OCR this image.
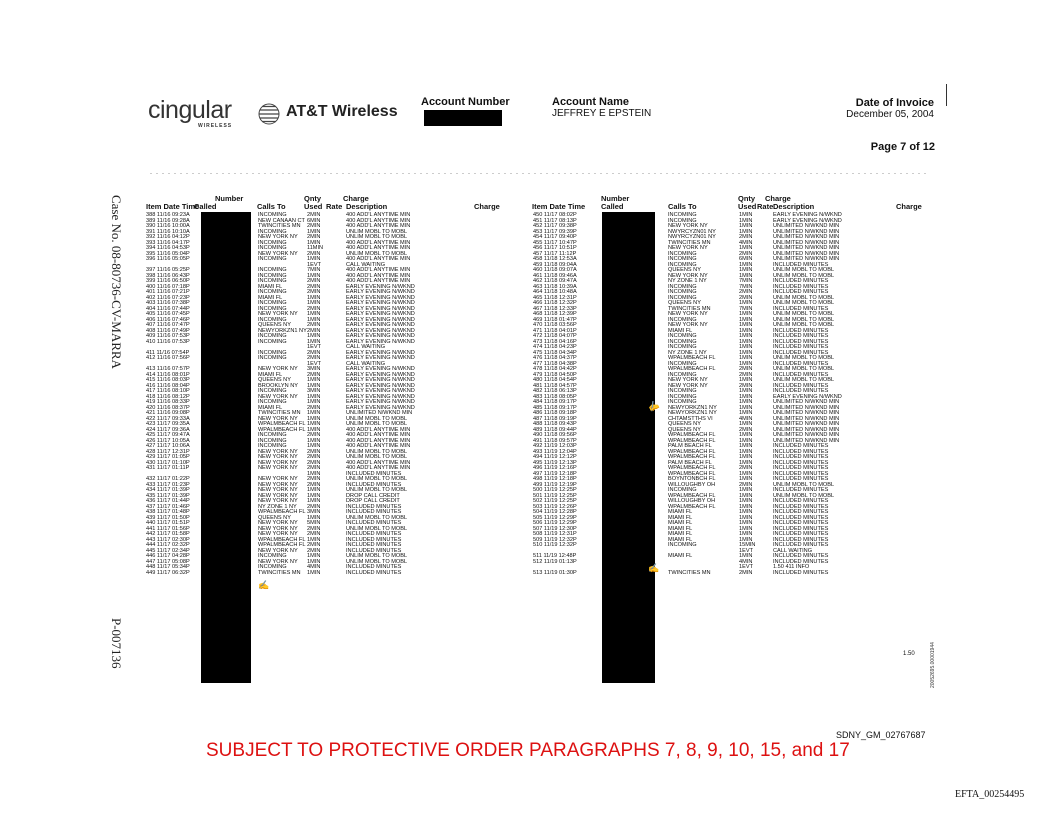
cingular
WIRELESS
AT&T Wireless
Account Number	Account Name
JEFFREY E EPSTEIN
Date of Invoice
December 05, 2004
Page 7 of 12
Number	Qnty	Charge
Item Date Time
Called	Calls To Used Rate Description	Charge
Number	Qnty Charge
Item Date Time Called	Calls To	Used Rate Description	Charge
388 11/16 09:23A	INCOMING	2MIN	400 ADD'L ANYTIME MIN
389 11/16 09:28A	NEW CANAAN CT 6MIN	400 ADD'L ANYTIME MIN
390 11/16 10:00A	TWINCITIES MN 2MIN	400 ADD'L ANYTIME MIN
391 11/16 10:10A	INCOMING	1MIN	UNLIM MOBL TO MOBL
392 11/16 04:12P	NEW YORK NY 2MIN	UNLIM MOBL TO MOBL
393 11/16 04:17P	INCOMING	1MIN	400 ADD'L ANYTIME MIN
394 11/16 04:53P	INCOMING	11MIN	400 ADD'L ANYTIME MIN
395 11/16 05:04P	NEW YORK NY 2MIN	UNLIM MOBL TO MOBL
396 11/16 05:05P	INCOMING	1MIN	400 ADD'L ANYTIME MIN
1EVT	CALL WAITING
397 11/16 05:25P	INCOMING	7MIN	400 ADD'L ANYTIME MIN
398 11/16 06:43P	INCOMING	1MIN	400 ADD'L ANYTIME MIN
399 11/16 06:50P	INCOMING	2MIN	400 ADD'L ANYTIME MIN
400 11/16 07:18P	MIAMI FL	2MIN	EARLY EVENING N/WKND
401 11/16 07:21P	INCOMING	2MIN	EARLY EVENING N/WKND
402 11/16 07:23P	MIAMI FL	1MIN	EARLY EVENING N/WKND
403 11/16 07:38P	INCOMING	1MIN	EARLY EVENING N/WKND
404 11/16 07:44P	INCOMING	2MIN	EARLY EVENING N/WKND
405 11/16 07:45P	NEW YORK NY 1MIN	EARLY EVENING N/WKND
406 11/16 07:46P	INCOMING	1MIN	EARLY EVENING N/WKND
407 11/16 07:47P	QUEENS NY	2MIN	EARLY EVENING N/WKND
408 11/16 07:49P	NEWYORKZN1 NY 2MIN	EARLY EVENING N/WKND
409 11/16 07:53P	INCOMING	1MIN	EARLY EVENING N/WKND
410 11/16 07:53P	INCOMING	1MIN	EARLY EVENING N/WKND
1EVT	CALL WAITING
411 11/16 07:54P	INCOMING	2MIN	EARLY EVENING N/WKND
412 11/16 07:56P	INCOMING	2MIN	EARLY EVENING N/WKND
1EVT	CALL WAITING
413 11/16 07:57P	NEW YORK NY 3MIN	EARLY EVENING N/WKND
414 11/16 08:01P	MIAMI FL	2MIN	EARLY EVENING N/WKND
415 11/16 08:03P	QUEENS NY	1MIN	EARLY EVENING N/WKND
416 11/16 08:04P	BROOKLYN NY 1MIN	EARLY EVENING N/WKND
417 11/16 08:10P	INCOMING	3MIN	EARLY EVENING N/WKND
418 11/16 08:12P	NEW YORK NY 1MIN	EARLY EVENING N/WKND
419 11/16 08:33P	INCOMING	1MIN	EARLY EVENING N/WKND
420 11/16 08:37P	MIAMI FL	2MIN	EARLY EVENING N/WKND
421 11/16 09:08P	TWINCITIES MN 1MIN	UNLIMITED N/WKND MIN
422 11/17 09:33A	NEW YORK NY 1MIN	UNLIM MOBL TO MOBL
423 11/17 09:35A	WPALMBEACH FL 1MIN	UNLIM MOBL TO MOBL
424 11/17 09:36A	WPALMBEACH FL 1MIN	400 ADD'L ANYTIME MIN
425 11/17 09:47A	INCOMING	2MIN	400 ADD'L ANYTIME MIN
426 11/17 10:05A	INCOMING	1MIN	400 ADD'L ANYTIME MIN
427 11/17 10:06A	INCOMING	1MIN	400 ADD'L ANYTIME MIN
428 11/17 12:31P	NEW YORK NY 2MIN	UNLIM MOBL TO MOBL
429 11/17 01:05P	NEW YORK NY 2MIN	UNLIM MOBL TO MOBL
430 11/17 01:10P	NEW YORK NY 2MIN	400 ADD'L ANYTIME MIN
431 11/17 01:11P	NEW YORK NY 2MIN	400 ADD'L ANYTIME MIN
1MIN	INCLUDED MINUTES
432 11/17 01:22P	NEW YORK NY 2MIN	UNLIM MOBL TO MOBL
433 11/17 01:23P	NEW YORK NY 2MIN	INCLUDED MINUTES
434 11/17 01:39P	NEW YORK NY 1MIN	UNLIM MOBL TO MOBL
435 11/17 01:39P	NEW YORK NY 1MIN	DROP CALL CREDIT
436 11/17 01:44P	NEW YORK NY 1MIN	DROP CALL CREDIT
437 11/17 01:46P	NY ZONE 1 NY 2MIN	INCLUDED MINUTES
438 11/17 01:48P	WPALMBEACH FL 3MIN	INCLUDED MINUTES
439 11/17 01:50P	QUEENS NY	1MIN	UNLIM MOBL TO MOBL
440 11/17 01:51P	NEW YORK NY 5MIN	INCLUDED MINUTES
441 11/17 01:56P	NEW YORK NY 2MIN	UNLIM MOBL TO MOBL
442 11/17 01:58P	NEW YORK NY 2MIN	INCLUDED MINUTES
443 11/17 02:30P	WPALMBEACH FL 1MIN	INCLUDED MINUTES
444 11/17 02:32P	WPALMBEACH FL 2MIN	INCLUDED MINUTES
445 11/17 02:34P	NEW YORK NY 2MIN	INCLUDED MINUTES
446 11/17 04:28P	INCOMING	1MIN	UNLIM MOBL TO MOBL
447 11/17 05:08P	NEW YORK NY 1MIN	UNLIM MOBL TO MOBL
448 11/17 05:34P	INCOMING	4MIN	INCLUDED MINUTES
449 11/17 06:32P	TWINCITIES MN 1MIN	INCLUDED MINUTES
450 11/17 08:02P	INCOMING	1MIN	EARLY EVENING N/WKND
451 11/17 08:13P	INCOMING	1MIN	EARLY EVENING N/WKND
452 11/17 09:38P	NEW YORK NY	1MIN	UNLIMITED N/WKND MIN
453 11/17 09:39P	NWYRCYZN01 NY	1MIN	UNLIMITED N/WKND MIN
454 11/17 09:40P	NWYRCYZN01 NY	2MIN	UNLIMITED N/WKND MIN
455 11/17 10:47P	TWINCITIES MN	4MIN	UNLIMITED N/WKND MIN
456 11/17 10:51P	NEW YORK NY	1MIN	UNLIMITED N/WKND MIN
457 11/17 11:12P	INCOMING	2MIN	UNLIMITED N/WKND MIN
458 11/18 12:53A	INCOMING	6MIN	UNLIMITED N/WKND MIN
459 11/18 09:04A	INCOMING	1MIN	INCLUDED MINUTES
460 11/18 09:07A	QUEENS NY	1MIN	UNLIM MOBL TO MOBL
461 11/18 09:46A	NEW YORK NY	1MIN	UNLIM MOBL TO MOBL
462 11/18 09:47A	NY ZONE 1 NY	7MIN	INCLUDED MINUTES
463 11/18 10:39A	INCOMING	7MIN	INCLUDED MINUTES
464 11/18 10:48A	INCOMING	2MIN	INCLUDED MINUTES
465 11/18 12:31P	INCOMING	2MIN	UNLIM MOBL TO MOBL
466 11/18 12:32P	QUEENS NY	1MIN	UNLIM MOBL TO MOBL
467 11/18 12:33P	TWINCITIES MN	7MIN	INCLUDED MINUTES
468 11/18 12:39P	NEW YORK NY	1MIN	UNLIM MOBL TO MOBL
469 11/18 01:47P	INCOMING	1MIN	UNLIM MOBL TO MOBL
470 11/18 03:56P	NEW YORK NY	1MIN	UNLIM MOBL TO MOBL
471 11/18 04:01P	MIAMI FL	1MIN	INCLUDED MINUTES
472 11/18 04:07P	INCOMING	1MIN	INCLUDED MINUTES
473 11/18 04:16P	INCOMING	1MIN	INCLUDED MINUTES
474 11/18 04:23P	INCOMING	1MIN	INCLUDED MINUTES
475 11/18 04:34P	NY ZONE 1 NY	1MIN	INCLUDED MINUTES
476 11/18 04:37P	WPALMBEACH FL	1MIN	UNLIM MOBL TO MOBL
477 11/18 04:38P	INCOMING	1MIN	INCLUDED MINUTES
478 11/18 04:42P	WPALMBEACH FL	2MIN	UNLIM MOBL TO MOBL
479 11/18 04:50P	INCOMING	2MIN	INCLUDED MINUTES
480 11/18 04:54P	NEW YORK NY	1MIN	UNLIM MOBL TO MOBL
481 11/18 04:57P	NEW YORK NY	2MIN	INCLUDED MINUTES
482 11/18 06:13P	INCOMING	1MIN	INCLUDED MINUTES
483 11/18 08:05P	INCOMING	1MIN	EARLY EVENING N/WKND
484 11/18 09:17P	INCOMING	1MIN	UNLIMITED N/WKND MIN
485 11/18 09:17P	NEWYORKZN1 NY	1MIN	UNLIMITED N/WKND MIN
486 11/18 09:18P	NEWYORKZN1 NY	1MIN	UNLIMITED N/WKND MIN
487 11/18 09:19P	CHTAMSTTHS VI	4MIN	UNLIMITED N/WKND MIN
488 11/18 09:43P	QUEENS NY	1MIN	UNLIMITED N/WKND MIN
489 11/18 09:44P	QUEENS NY	2MIN	UNLIMITED N/WKND MIN
490 11/18 09:56P	WPALMBEACH FL	1MIN	UNLIMITED N/WKND MIN
491 11/18 09:57P	WPALMBEACH FL	1MIN	UNLIMITED N/WKND MIN
492 11/19 12:03P	PALM BEACH FL	1MIN	INCLUDED MINUTES
493 11/19 12:04P	WPALMBEACH FL	1MIN	INCLUDED MINUTES
494 11/19 12:12P	WPALMBEACH FL	1MIN	INCLUDED MINUTES
495 11/19 12:13P	PALM BEACH FL	1MIN	INCLUDED MINUTES
496 11/19 12:16P	WPALMBEACH FL	2MIN	INCLUDED MINUTES
497 11/19 12:18P	WPALMBEACH FL	1MIN	INCLUDED MINUTES
498 11/19 12:18P	BOYNTONBCH FL	1MIN	INCLUDED MINUTES
499 11/19 12:19P	WILLOUGHBY OH	2MIN	UNLIM MOBL TO MOBL
500 11/19 12:25P	INCOMING	1MIN	INCLUDED MINUTES
501 11/19 12:25P	WPALMBEACH FL	1MIN	UNLIM MOBL TO MOBL
502 11/19 12:25P	WILLOUGHBY OH	1MIN	INCLUDED MINUTES
503 11/19 12:26P	WPALMBEACH FL	1MIN	INCLUDED MINUTES
504 11/19 12:28P	MIAMI FL	1MIN	INCLUDED MINUTES
505 11/19 12:29P	MIAMI FL	1MIN	INCLUDED MINUTES
506 11/19 12:29P	MIAMI FL	1MIN	INCLUDED MINUTES
507 11/19 12:30P	MIAMI FL	1MIN	INCLUDED MINUTES
508 11/19 12:31P	MIAMI FL	1MIN	INCLUDED MINUTES
509 11/19 12:32P	MIAMI FL	1MIN	INCLUDED MINUTES
510 11/19 12:32P	INCOMING	15MIN	INCLUDED MINUTES
1EVT	CALL WAITING
511 11/19 12:48P	MIAMI FL	1MIN	INCLUDED MINUTES
512 11/19 01:13P	4MIN	INCLUDED MINUTES
1EVT	1.50 411 INFO
513 11/19 01:30P	TWINCITIES MN	2MIN	INCLUDED MINUTES
1.50
✍
✍
✍
Case No. 08-80736-CV-MARRA
P-007136	20052695.00001944
SDNY_GM_02767687
SUBJECT TO PROTECTIVE ORDER PARAGRAPHS 7, 8, 9, 10, 15, and 17
EFTA_00254495
